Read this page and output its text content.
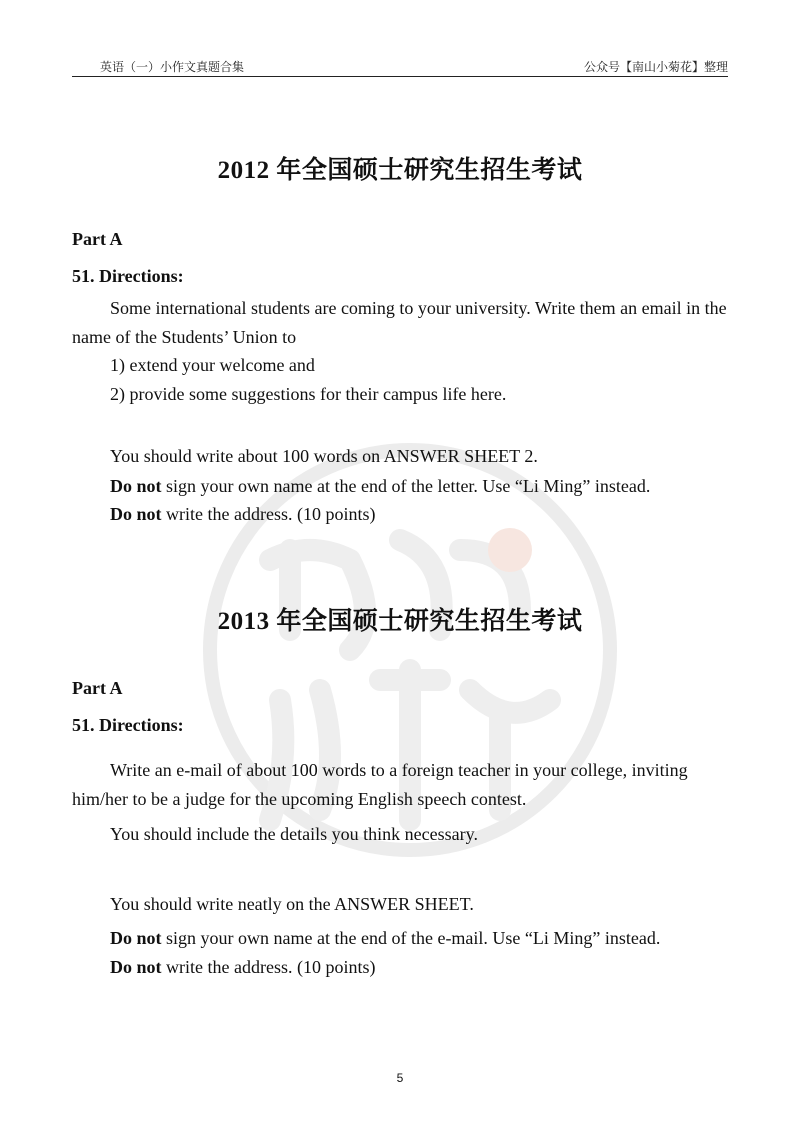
英语（一）小作文真题合集	公众号【南山小菊花】整理
2012 年全国硕士研究生招生考试
Part A
51. Directions:

Some international students are coming to your university. Write them an email in the name of the Students’ Union to

1) extend your welcome and
2) provide some suggestions for their campus life here.
You should write about 100 words on ANSWER SHEET 2.
Do not sign your own name at the end of the letter. Use “Li Ming” instead.
Do not write the address. (10 points)
2013 年全国硕士研究生招生考试
Part A
51. Directions:

Write an e-mail of about 100 words to a foreign teacher in your college, inviting him/her to be a judge for the upcoming English speech contest.

You should include the details you think necessary.
You should write neatly on the ANSWER SHEET.
Do not sign your own name at the end of the e-mail. Use “Li Ming” instead.
Do not write the address. (10 points)
5
